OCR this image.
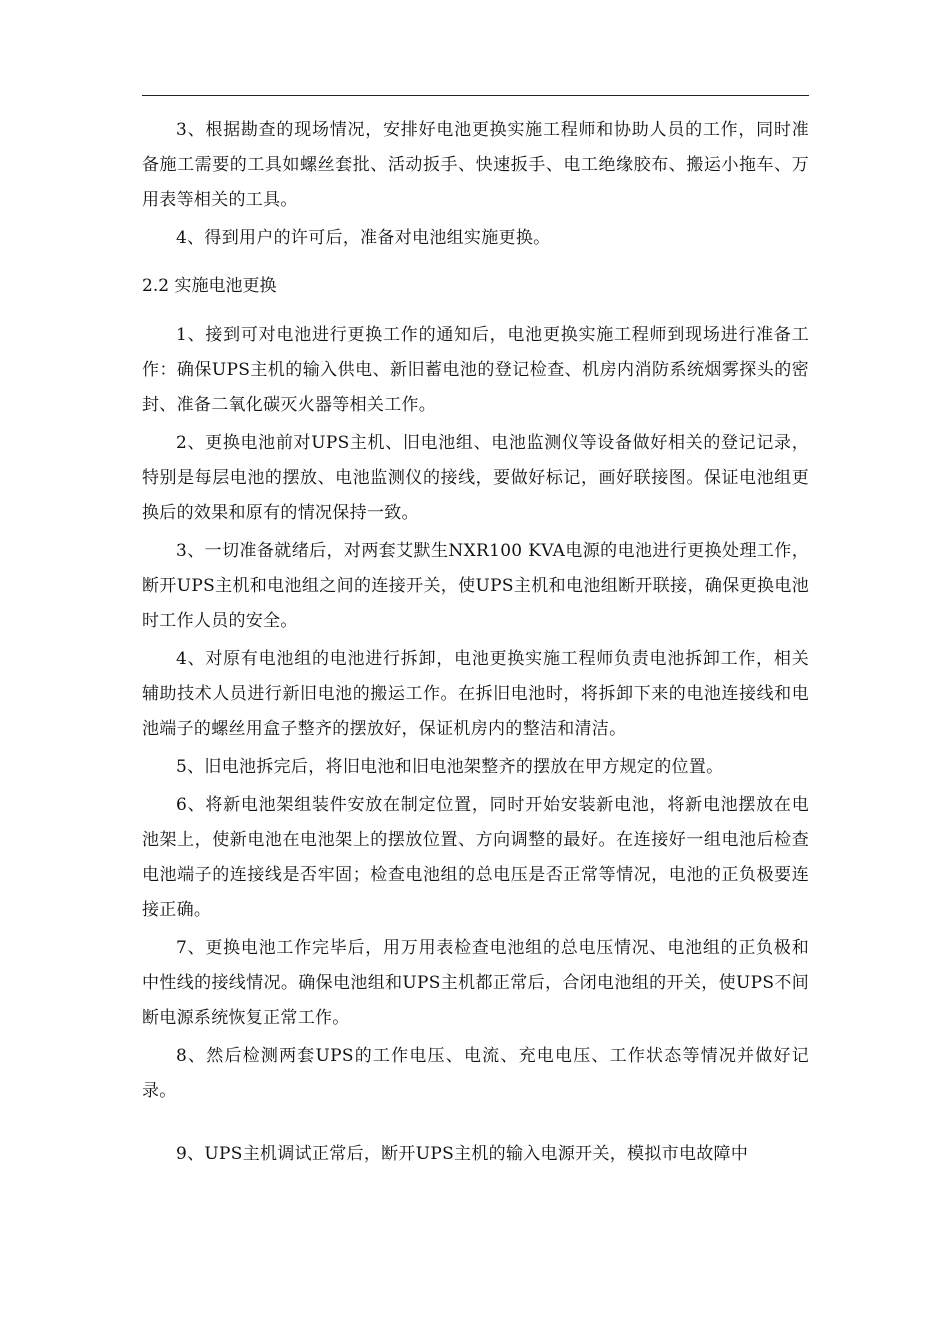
3、根据勘查的现场情况，安排好电池更换实施工程师和协助人员的工作，同时准备施工需要的工具如螺丝套批、活动扳手、快速扳手、电工绝缘胶布、搬运小拖车、万用表等相关的工具。

4、得到用户的许可后，准备对电池组实施更换。

2.2 实施电池更换

1、接到可对电池进行更换工作的通知后，电池更换实施工程师到现场进行准备工作：确保UPS主机的输入供电、新旧蓄电池的登记检查、机房内消防系统烟雾探头的密封、准备二氧化碳灭火器等相关工作。

2、更换电池前对UPS主机、旧电池组、电池监测仪等设备做好相关的登记记录，特别是每层电池的摆放、电池监测仪的接线，要做好标记，画好联接图。保证电池组更换后的效果和原有的情况保持一致。

3、一切准备就绪后，对两套艾默生NXR100 KVA电源的电池进行更换处理工作，断开UPS主机和电池组之间的连接开关，使UPS主机和电池组断开联接，确保更换电池时工作人员的安全。

4、对原有电池组的电池进行拆卸，电池更换实施工程师负责电池拆卸工作，相关辅助技术人员进行新旧电池的搬运工作。在拆旧电池时，将拆卸下来的电池连接线和电池端子的螺丝用盒子整齐的摆放好，保证机房内的整洁和清洁。

5、旧电池拆完后，将旧电池和旧电池架整齐的摆放在甲方规定的位置。

6、将新电池架组装件安放在制定位置，同时开始安装新电池，将新电池摆放在电池架上，使新电池在电池架上的摆放位置、方向调整的最好。在连接好一组电池后检查电池端子的连接线是否牢固；检查电池组的总电压是否正常等情况，电池的正负极要连接正确。

7、更换电池工作完毕后，用万用表检查电池组的总电压情况、电池组的正负极和中性线的接线情况。确保电池组和UPS主机都正常后，合闭电池组的开关，使UPS不间断电源系统恢复正常工作。

8、然后检测两套UPS的工作电压、电流、充电电压、工作状态等情况并做好记录。

9、UPS主机调试正常后，断开UPS主机的输入电源开关，模拟市电故障中
